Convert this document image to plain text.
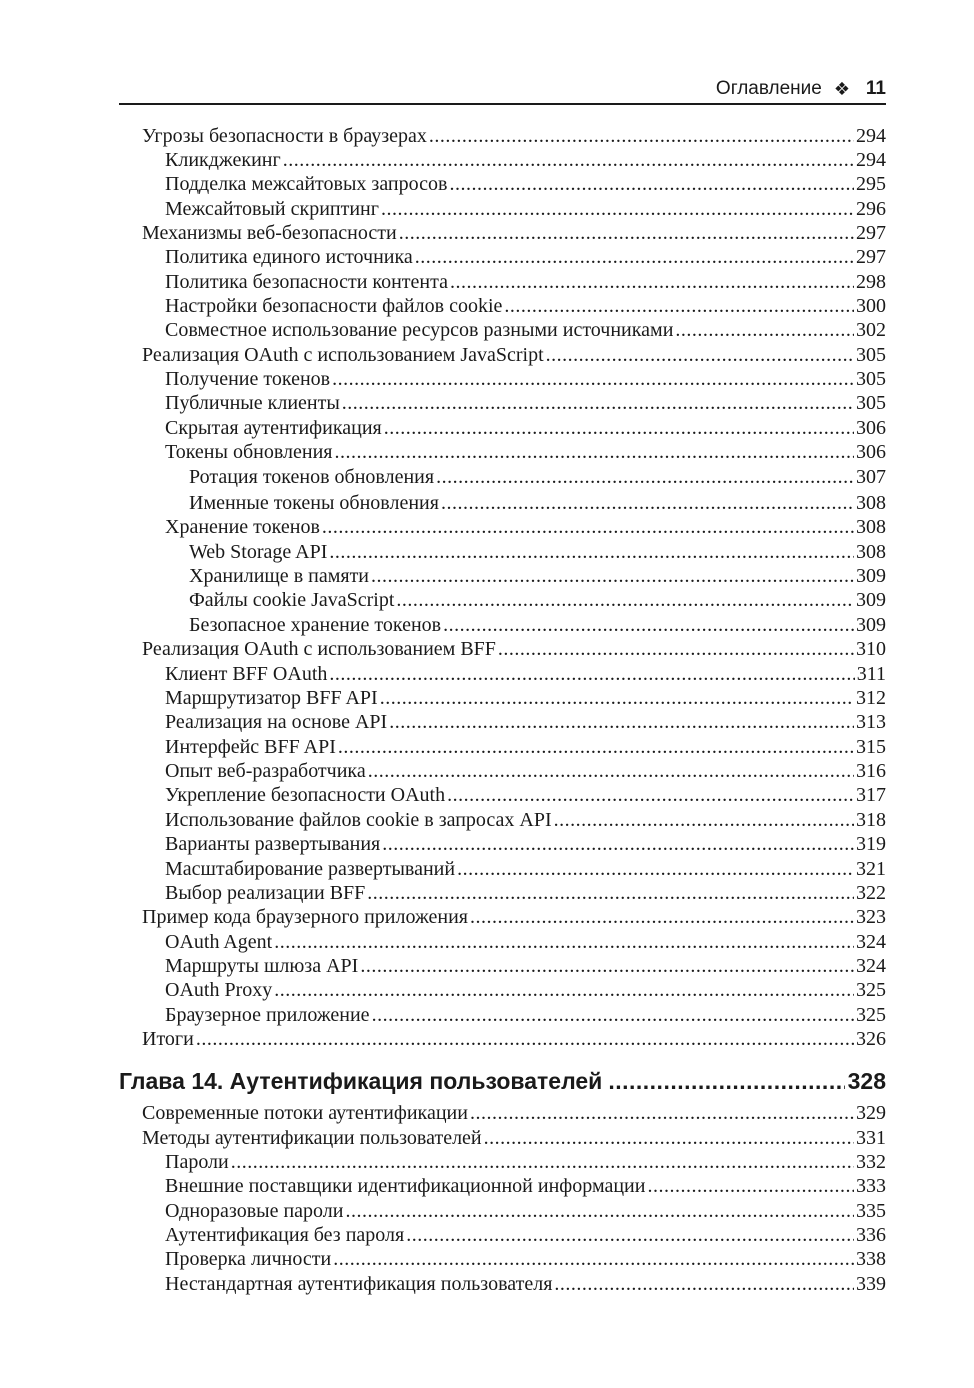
Оглавление ❖ 11
Угрозы безопасности в браузерах .....	294
Кликджекинг .....	294
Подделка межсайтовых запросов .....	295
Межсайтовый скриптинг .....	296
Механизмы веб-безопасности .....	297
Политика единого источника .....	297
Политика безопасности контента .....	298
Настройки безопасности файлов cookie .....	300
Совместное использование ресурсов разными источниками .....	302
Реализация OAuth с использованием JavaScript .....	305
Получение токенов .....	305
Публичные клиенты .....	305
Скрытая аутентификация .....	306
Токены обновления .....	306
Ротация токенов обновления .....	307
Именные токены обновления .....	308
Хранение токенов .....	308
Web Storage API .....	308
Хранилище в памяти .....	309
Файлы cookie JavaScript .....	309
Безопасное хранение токенов .....	309
Реализация OAuth с использованием BFF .....	310
Клиент BFF OAuth .....	311
Маршрутизатор BFF API .....	312
Реализация на основе API .....	313
Интерфейс BFF API .....	315
Опыт веб-разработчика .....	316
Укрепление безопасности OAuth .....	317
Использование файлов cookie в запросах API .....	318
Варианты развертывания .....	319
Масштабирование развертываний .....	321
Выбор реализации BFF .....	322
Пример кода браузерного приложения .....	323
OAuth Agent .....	324
Маршруты шлюза API .....	324
OAuth Proxy .....	325
Браузерное приложение .....	325
Итоги .....	326
Глава 14. Аутентификация пользователей .....	328
Современные потоки аутентификации .....	329
Методы аутентификации пользователей .....	331
Пароли .....	332
Внешние поставщики идентификационной информации .....	333
Одноразовые пароли .....	335
Аутентификация без пароля .....	336
Проверка личности .....	338
Нестандартная аутентификация пользователя .....	339
